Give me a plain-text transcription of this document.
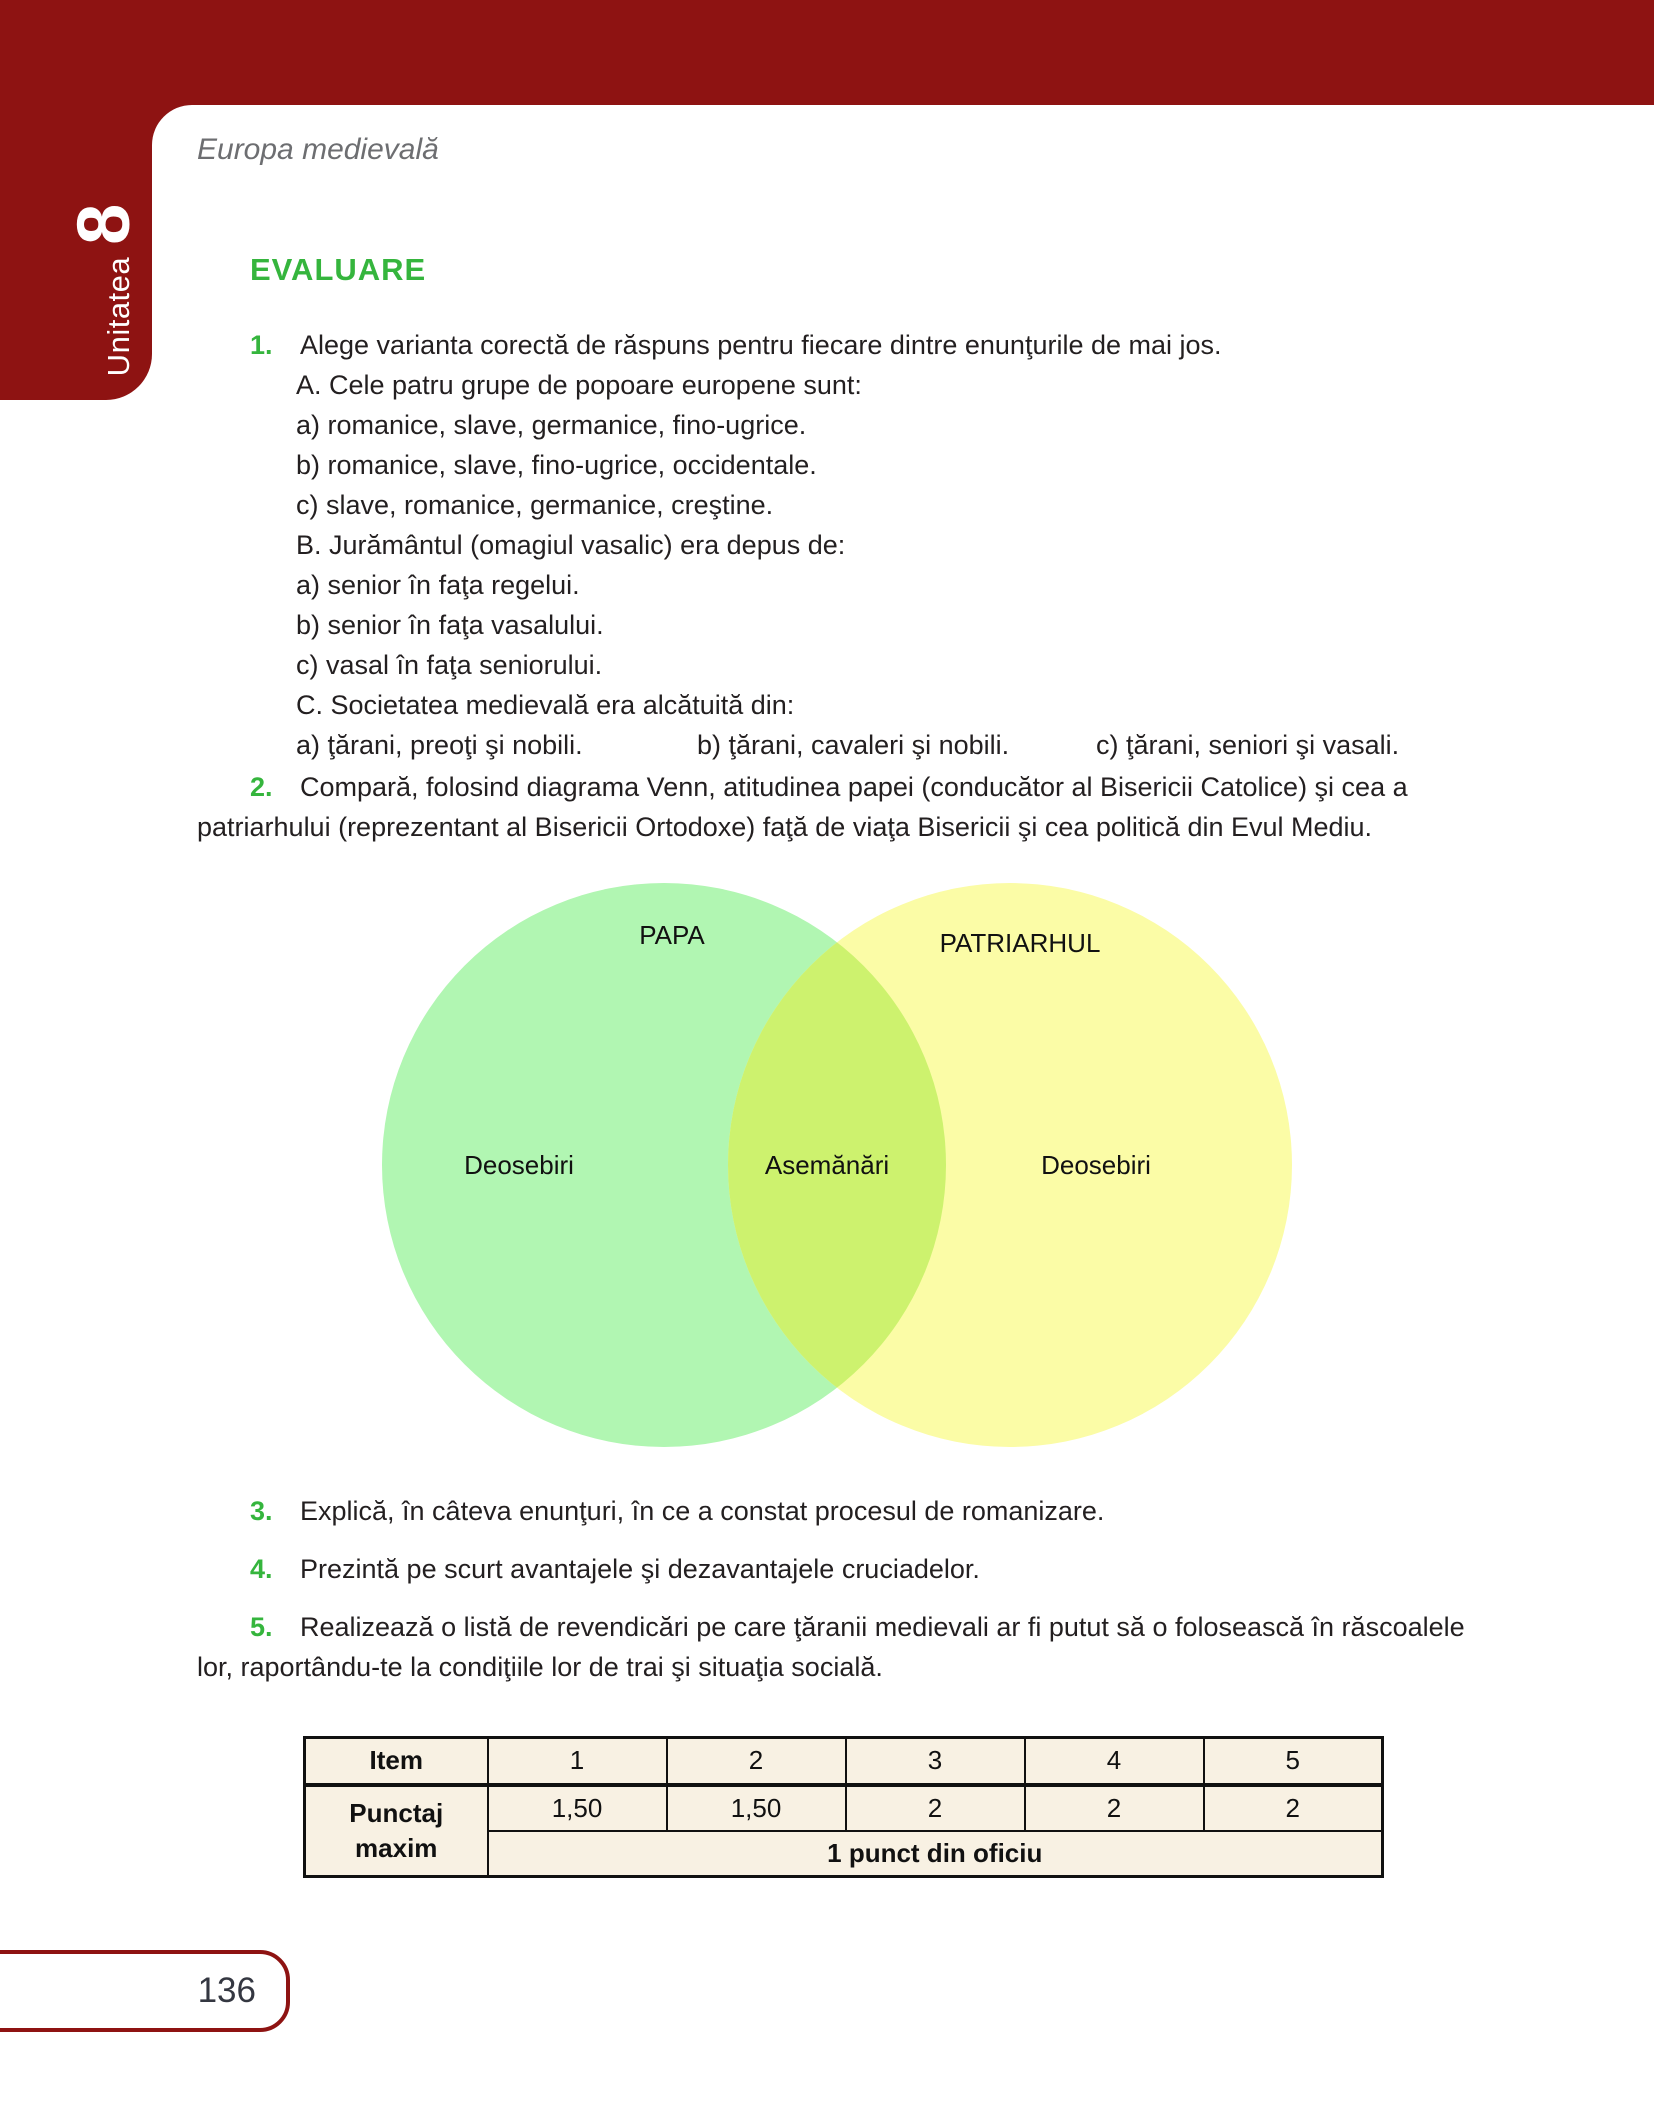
Unitatea
8
Europa medievală
EVALUARE
1. Alege varianta corectă de răspuns pentru fiecare dintre enunţurile de mai jos.
A. Cele patru grupe de popoare europene sunt:
a) romanice, slave, germanice, fino-ugrice.
b) romanice, slave, fino-ugrice, occidentale.
c) slave, romanice, germanice, creştine.
B. Jurământul (omagiul vasalic) era depus de:
a) senior în faţa regelui.
b) senior în faţa vasalului.
c) vasal în faţa seniorului.
C. Societatea medievală era alcătuită din:
a) ţărani, preoţi şi nobili.	b) ţărani, cavaleri şi nobili.	c) ţărani, seniori şi vasali.
2. Compară, folosind diagrama Venn, atitudinea papei (conducător al Bisericii Catolice) şi cea a
patriarhului (reprezentant al Bisericii Ortodoxe) faţă de viaţa Bisericii şi cea politică din Evul Mediu.
PAPA	PATRIARHUL
Deosebiri	Asemănări	Deosebiri
3. Explică, în câteva enunţuri, în ce a constat procesul de romanizare.
4. Prezintă pe scurt avantajele şi dezavantajele cruciadelor.
5. Realizează o listă de revendicări pe care ţăranii medievali ar fi putut să o folosească în răscoalele
lor, raportându-te la condiţiile lor de trai şi situaţia socială.
Item	1	2	3	4	5
Punctaj maxim	1,50	1,50	2	2	2
	1 punct din oficiu				
136
